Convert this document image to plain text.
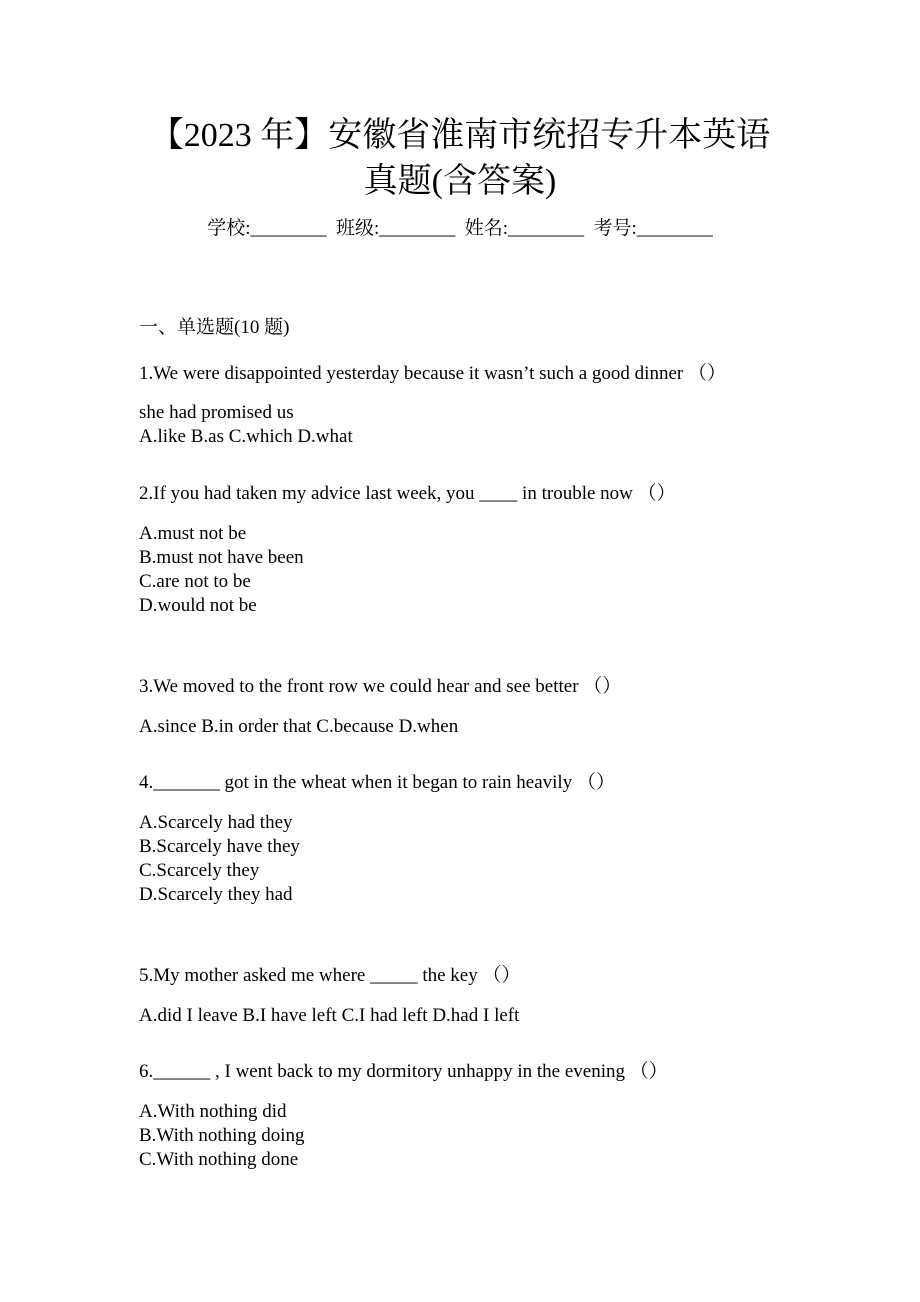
【2023 年】安徽省淮南市统招专升本英语
真题(含答案)
学校:________  班级:________  姓名:________  考号:________
一、单选题(10 题)
1.We were disappointed yesterday because it wasn’t such a good dinner （）
she had promised us
A.like B.as C.which D.what
2.If you had taken my advice last week, you ____ in trouble now （）
A.must not be
B.must not have been
C.are not to be
D.would not be
3.We moved to the front row we could hear and see better （）
A.since B.in order that C.because D.when
4._______ got in the wheat when it began to rain heavily （）
A.Scarcely had they
B.Scarcely have they
C.Scarcely they
D.Scarcely they had
5.My mother asked me where _____ the key （）
A.did I leave B.I have left C.I had left D.had I left
6.______ , I went back to my dormitory unhappy in the evening （）
A.With nothing did
B.With nothing doing
C.With nothing done
